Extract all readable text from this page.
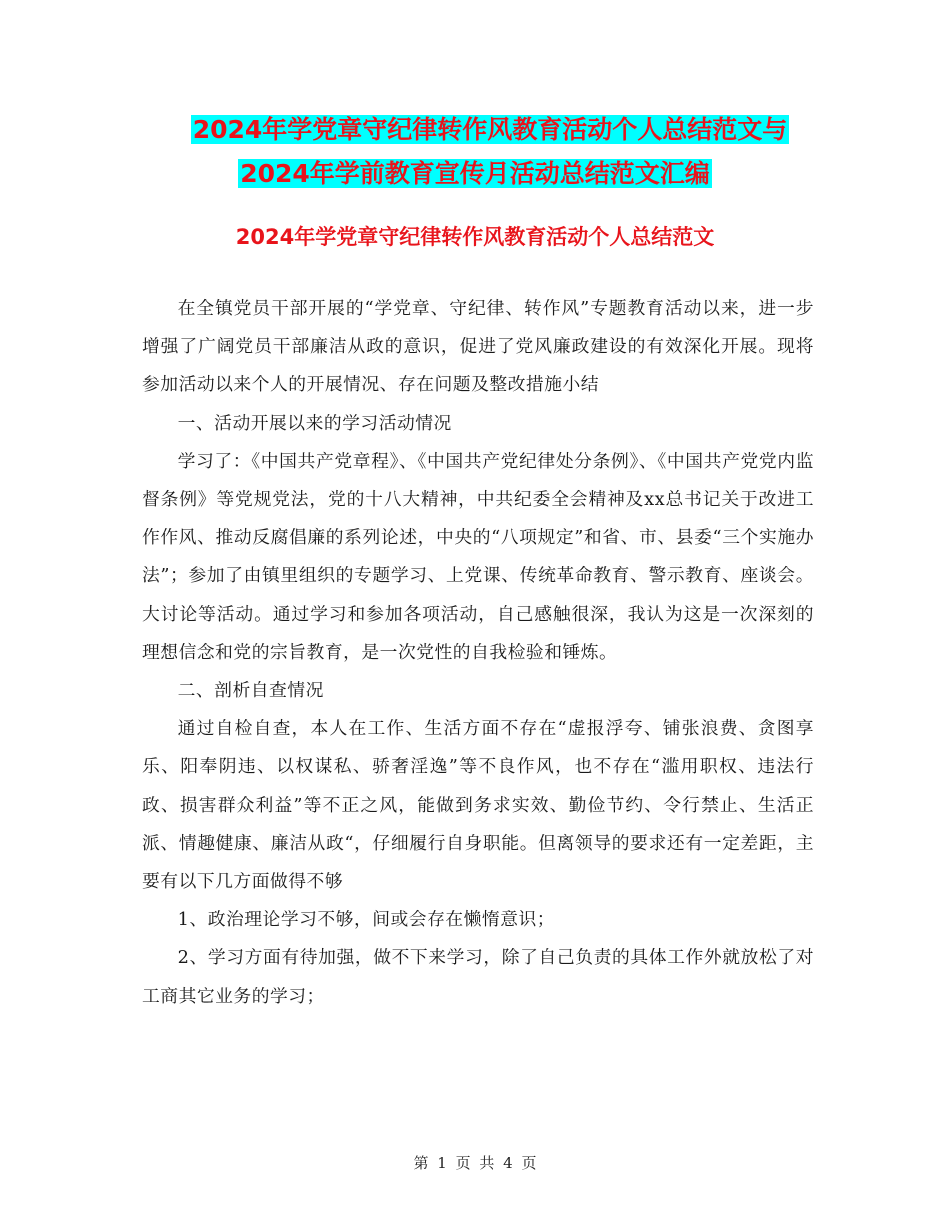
2024年学党章守纪律转作风教育活动个人总结范文与
2024年学前教育宣传月活动总结范文汇编
2024年学党章守纪律转作风教育活动个人总结范文

在全镇党员干部开展的“学党章、守纪律、转作风”专题教育活动以来，进一步增强了广阔党员干部廉洁从政的意识，促进了党风廉政建设的有效深化开展。现将参加活动以来个人的开展情况、存在问题及整改措施小结

一、活动开展以来的学习活动情况

学习了：《中国共产党章程》、《中国共产党纪律处分条例》、《中国共产党党内监督条例》等党规党法，党的十八大精神，中共纪委全会精神及xx总书记关于改进工作作风、推动反腐倡廉的系列论述，中央的“八项规定”和省、市、县委“三个实施办法”；参加了由镇里组织的专题学习、上党课、传统革命教育、警示教育、座谈会。大讨论等活动。通过学习和参加各项活动，自己感触很深，我认为这是一次深刻的理想信念和党的宗旨教育，是一次党性的自我检验和锤炼。

二、剖析自查情况

通过自检自查，本人在工作、生活方面不存在“虚报浮夸、铺张浪费、贪图享乐、阳奉阴违、以权谋私、骄奢淫逸”等不良作风，也不存在“滥用职权、违法行政、损害群众利益”等不正之风，能做到务求实效、勤俭节约、令行禁止、生活正派、情趣健康、廉洁从政“，仔细履行自身职能。但离领导的要求还有一定差距，主要有以下几方面做得不够

1、政治理论学习不够，间或会存在懒惰意识；

2、学习方面有待加强，做不下来学习，除了自己负责的具体工作外就放松了对工商其它业务的学习；

第 1 页 共 4 页
